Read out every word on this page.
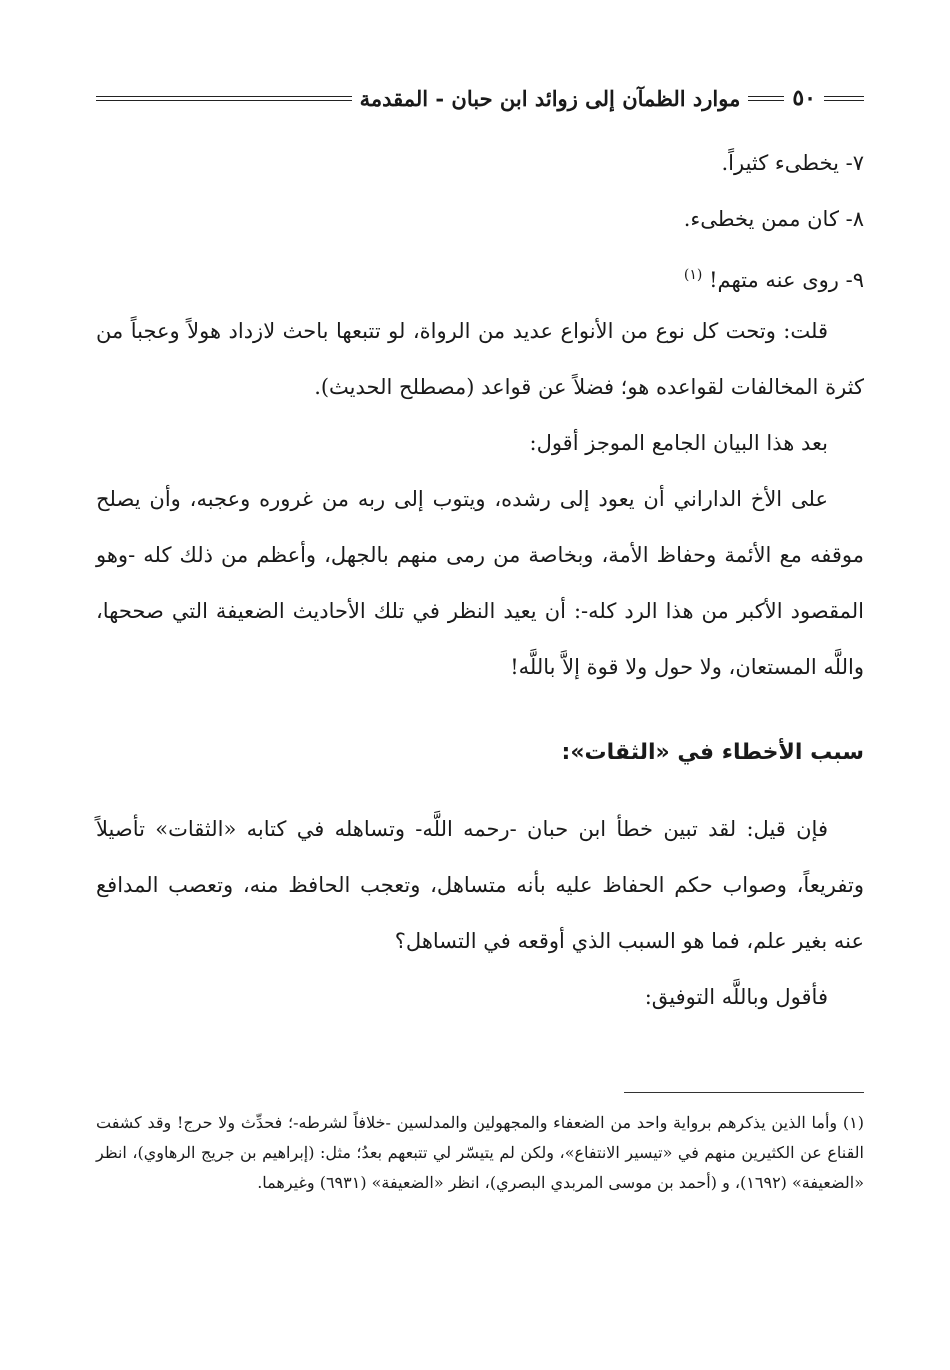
٥٠
موارد الظمآن إلى زوائد ابن حبان - المقدمة
٧- يخطىء كثيراً.
٨- كان ممن يخطىء.
٩- روى عنه متهم! $^{(١)}$
قلت: وتحت كل نوع من الأنواع عديد من الرواة، لو تتبعها باحث لازداد هولاً وعجباً من كثرة المخالفات لقواعده هو؛ فضلاً عن قواعد (مصطلح الحديث).
بعد هذا البيان الجامع الموجز أقول:
على الأخ الداراني أن يعود إلى رشده، ويتوب إلى ربه من غروره وعجبه، وأن يصلح موقفه مع الأئمة وحفاظ الأمة، وبخاصة من رمى منهم بالجهل، وأعظم من ذلك كله -وهو المقصود الأكبر من هذا الرد كله-: أن يعيد النظر في تلك الأحاديث الضعيفة التي صححها، واللَّه المستعان، ولا حول ولا قوة إلاَّ باللَّه!
سبب الأخطاء في «الثقات»:
فإن قيل: لقد تبين خطأ ابن حبان -رحمه اللَّه- وتساهله في كتابه «الثقات» تأصيلاً وتفريعاً، وصواب حكم الحفاظ عليه بأنه متساهل، وتعجب الحافظ منه، وتعصب المدافع عنه بغير علم، فما هو السبب الذي أوقعه في التساهل؟
فأقول وباللَّه التوفيق:
(١) وأما الذين يذكرهم برواية واحد من الضعفاء والمجهولين والمدلسين -خلافاً لشرطه-؛ فحدِّث ولا حرج! وقد كشفت القناع عن الكثيرين منهم في «تيسير الانتفاع»، ولكن لم يتيسّر لي تتبعهم بعدُ؛ مثل: (إبراهيم بن جريج الرهاوي)، انظر «الضعيفة» (١٦٩٢)، و (أحمد بن موسى المربدي البصري)، انظر «الضعيفة» (٦٩٣١) وغيرهما.
